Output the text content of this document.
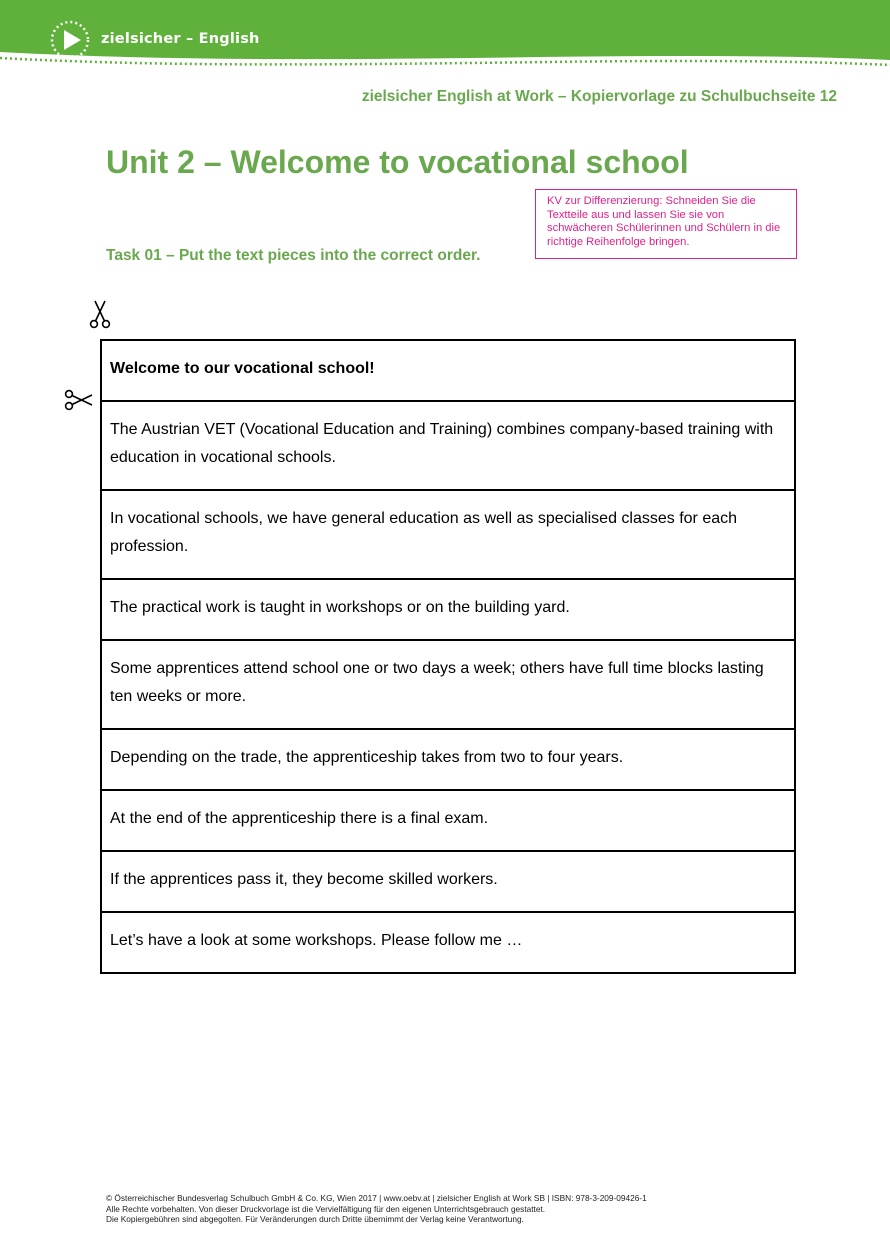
zielsicher – English
zielsicher English at Work – Kopiervorlage zu Schulbuchseite 12
Unit 2 – Welcome to vocational school
KV zur Differenzierung: Schneiden Sie die Textteile aus und lassen Sie sie von schwächeren Schülerinnen und Schülern in die richtige Reihenfolge bringen.
Task 01 – Put the text pieces into the correct order.
Welcome to our vocational school!
The Austrian VET (Vocational Education and Training) combines company-based training with education in vocational schools.
In vocational schools, we have general education as well as specialised classes for each profession.
The practical work is taught in workshops or on the building yard.
Some apprentices attend school one or two days a week; others have full time blocks lasting ten weeks or more.
Depending on the trade, the apprenticeship takes from two to four years.
At the end of the apprenticeship there is a final exam.
If the apprentices pass it, they become skilled workers.
Let’s have a look at some workshops. Please follow me …
© Österreichischer Bundesverlag Schulbuch GmbH & Co. KG, Wien 2017 | www.oebv.at | zielsicher English at Work SB | ISBN: 978-3-209-09426-1
Alle Rechte vorbehalten. Von dieser Druckvorlage ist die Vervielfältigung für den eigenen Unterrichtsgebrauch gestattet.
Die Kopiergebühren sind abgegolten. Für Veränderungen durch Dritte übernimmt der Verlag keine Verantwortung.
